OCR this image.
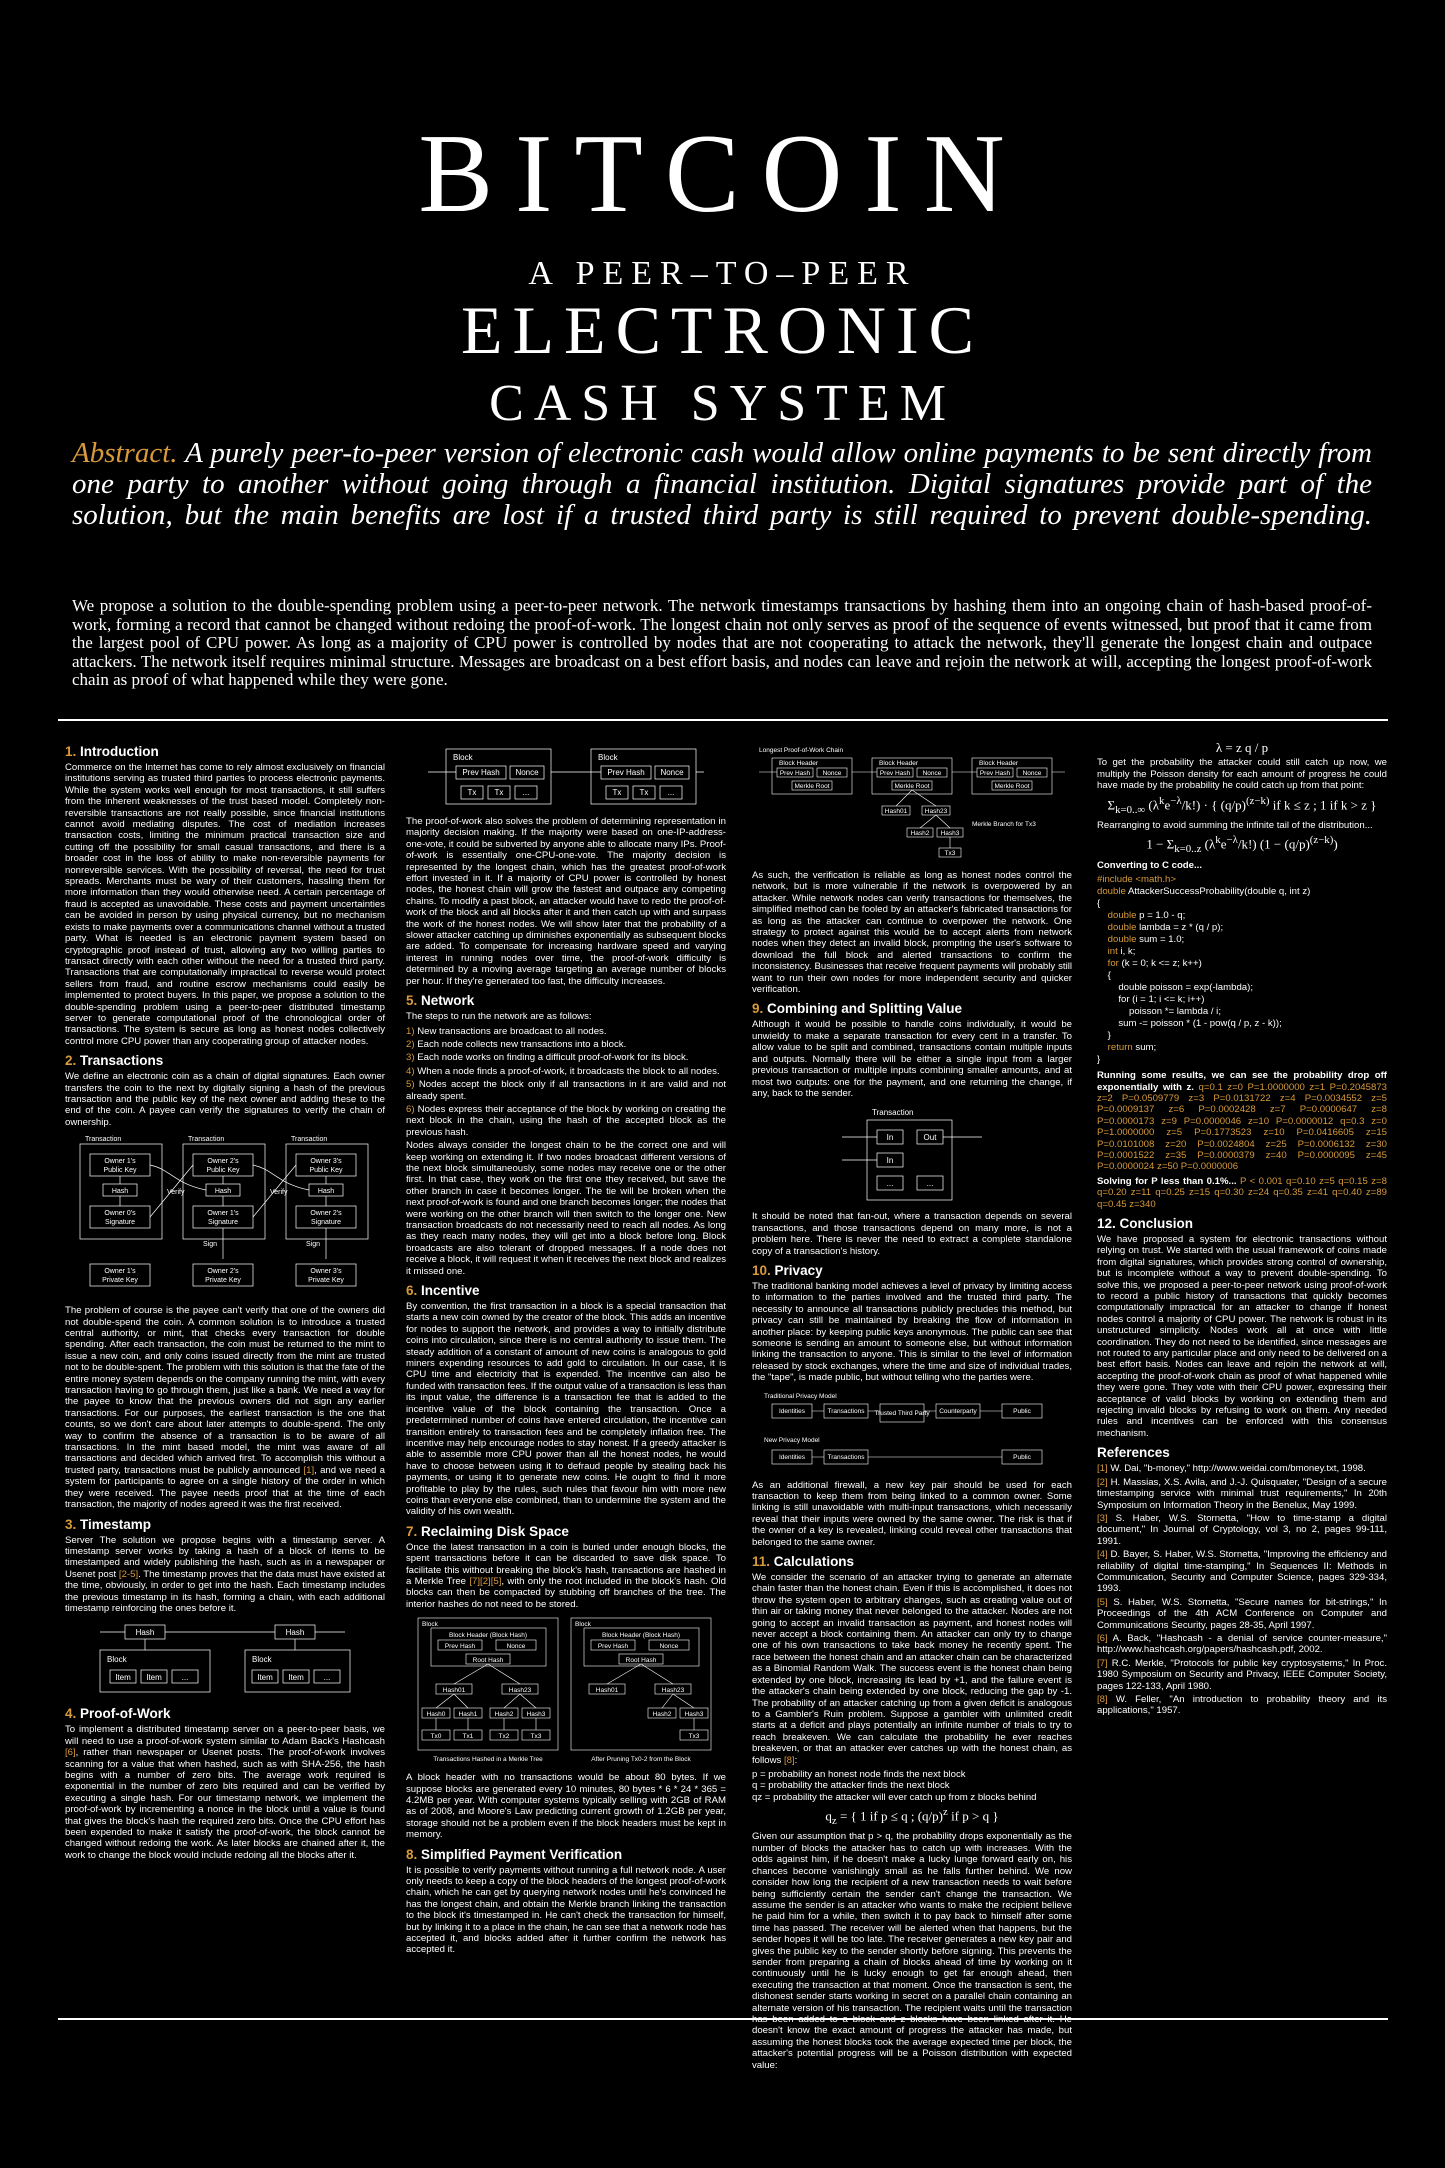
BITCOIN
A PEER–TO–PEER
ELECTRONIC
CASH SYSTEM
Abstract. A purely peer-to-peer version of electronic cash would allow online payments to be sent directly from one party to another without going through a financial institution. Digital signatures provide part of the solution, but the main benefits are lost if a trusted third party is still required to prevent double-spending.
We propose a solution to the double-spending problem using a peer-to-peer network. The network timestamps transactions by hashing them into an ongoing chain of hash-based proof-of-work, forming a record that cannot be changed without redoing the proof-of-work. The longest chain not only serves as proof of the sequence of events witnessed, but proof that it came from the largest pool of CPU power. As long as a majority of CPU power is controlled by nodes that are not cooperating to attack the network, they'll generate the longest chain and outpace attackers. The network itself requires minimal structure. Messages are broadcast on a best effort basis, and nodes can leave and rejoin the network at will, accepting the longest proof-of-work chain as proof of what happened while they were gone.
1. Introduction

Commerce on the Internet has come to rely almost exclusively on financial institutions serving as trusted third parties to process electronic payments. While the system works well enough for most transactions, it still suffers from the inherent weaknesses of the trust based model. Completely non-reversible transactions are not really possible, since financial institutions cannot avoid mediating disputes. The cost of mediation increases transaction costs, limiting the minimum practical transaction size and cutting off the possibility for small casual transactions, and there is a broader cost in the loss of ability to make non-reversible payments for nonreversible services. With the possibility of reversal, the need for trust spreads. Merchants must be wary of their customers, hassling them for more information than they would otherwise need. A certain percentage of fraud is accepted as unavoidable. These costs and payment uncertainties can be avoided in person by using physical currency, but no mechanism exists to make payments over a communications channel without a trusted party. What is needed is an electronic payment system based on cryptographic proof instead of trust, allowing any two willing parties to transact directly with each other without the need for a trusted third party. Transactions that are computationally impractical to reverse would protect sellers from fraud, and routine escrow mechanisms could easily be implemented to protect buyers. In this paper, we propose a solution to the double-spending problem using a peer-to-peer distributed timestamp server to generate computational proof of the chronological order of transactions. The system is secure as long as honest nodes collectively control more CPU power than any cooperating group of attacker nodes.

2. Transactions

We define an electronic coin as a chain of digital signatures. Each owner transfers the coin to the next by digitally signing a hash of the previous transaction and the public key of the next owner and adding these to the end of the coin. A payee can verify the signatures to verify the chain of ownership.

Transaction	Transaction	Transaction
Owner 1's
Public Key
Owner 2's
Public Key
Owner 3's
Public Key
Hash	Hash	Hash
Owner 0's
Signature
Owner 1's
Signature
Owner 2's
Signature
Verify	Verify
Sign	Sign
Owner 1's
Private Key
Owner 2's
Private Key
Owner 3's
Private Key

The problem of course is the payee can't verify that one of the owners did not double-spend the coin. A common solution is to introduce a trusted central authority, or mint, that checks every transaction for double spending. After each transaction, the coin must be returned to the mint to issue a new coin, and only coins issued directly from the mint are trusted not to be double-spent. The problem with this solution is that the fate of the entire money system depends on the company running the mint, with every transaction having to go through them, just like a bank. We need a way for the payee to know that the previous owners did not sign any earlier transactions. For our purposes, the earliest transaction is the one that counts, so we don't care about later attempts to double-spend. The only way to confirm the absence of a transaction is to be aware of all transactions. In the mint based model, the mint was aware of all transactions and decided which arrived first. To accomplish this without a trusted party, transactions must be publicly announced [1], and we need a system for participants to agree on a single history of the order in which they were received. The payee needs proof that at the time of each transaction, the majority of nodes agreed it was the first received.

3. Timestamp

Server The solution we propose begins with a timestamp server. A timestamp server works by taking a hash of a block of items to be timestamped and widely publishing the hash, such as in a newspaper or Usenet post [2-5]. The timestamp proves that the data must have existed at the time, obviously, in order to get into the hash. Each timestamp includes the previous timestamp in its hash, forming a chain, with each additional timestamp reinforcing the ones before it.

Hash	Hash
Block	Block
Item Item ...	Item Item ...
4. Proof-of-Work

To implement a distributed timestamp server on a peer-to-peer basis, we will need to use a proof-of-work system similar to Adam Back's Hashcash [6], rather than newspaper or Usenet posts. The proof-of-work involves scanning for a value that when hashed, such as with SHA-256, the hash begins with a number of zero bits. The average work required is exponential in the number of zero bits required and can be verified by executing a single hash. For our timestamp network, we implement the proof-of-work by incrementing a nonce in the block until a value is found that gives the block's hash the required zero bits. Once the CPU effort has been expended to make it satisfy the proof-of-work, the block cannot be changed without redoing the work. As later blocks are chained after it, the work to change the block would include redoing all the blocks after it.

Block	Block
Prev Hash Nonce	Prev Hash Nonce
Tx Tx ...	Tx Tx ...

The proof-of-work also solves the problem of determining representation in majority decision making. If the majority were based on one-IP-address-one-vote, it could be subverted by anyone able to allocate many IPs. Proof-of-work is essentially one-CPU-one-vote. The majority decision is represented by the longest chain, which has the greatest proof-of-work effort invested in it. If a majority of CPU power is controlled by honest nodes, the honest chain will grow the fastest and outpace any competing chains. To modify a past block, an attacker would have to redo the proof-of-work of the block and all blocks after it and then catch up with and surpass the work of the honest nodes. We will show later that the probability of a slower attacker catching up diminishes exponentially as subsequent blocks are added. To compensate for increasing hardware speed and varying interest in running nodes over time, the proof-of-work difficulty is determined by a moving average targeting an average number of blocks per hour. If they're generated too fast, the difficulty increases.

5. Network

The steps to run the network are as follows:

1) New transactions are broadcast to all nodes.

2) Each node collects new transactions into a block.

3) Each node works on finding a difficult proof-of-work for its block.

4) When a node finds a proof-of-work, it broadcasts the block to all nodes.

5) Nodes accept the block only if all transactions in it are valid and not already spent.

6) Nodes express their acceptance of the block by working on creating the next block in the chain, using the hash of the accepted block as the previous hash.

Nodes always consider the longest chain to be the correct one and will keep working on extending it. If two nodes broadcast different versions of the next block simultaneously, some nodes may receive one or the other first. In that case, they work on the first one they received, but save the other branch in case it becomes longer. The tie will be broken when the next proof-of-work is found and one branch becomes longer; the nodes that were working on the other branch will then switch to the longer one. New transaction broadcasts do not necessarily need to reach all nodes. As long as they reach many nodes, they will get into a block before long. Block broadcasts are also tolerant of dropped messages. If a node does not receive a block, it will request it when it receives the next block and realizes it missed one.

6. Incentive

By convention, the first transaction in a block is a special transaction that starts a new coin owned by the creator of the block. This adds an incentive for nodes to support the network, and provides a way to initially distribute coins into circulation, since there is no central authority to issue them. The steady addition of a constant of amount of new coins is analogous to gold miners expending resources to add gold to circulation. In our case, it is CPU time and electricity that is expended. The incentive can also be funded with transaction fees. If the output value of a transaction is less than its input value, the difference is a transaction fee that is added to the incentive value of the block containing the transaction. Once a predetermined number of coins have entered circulation, the incentive can transition entirely to transaction fees and be completely inflation free. The incentive may help encourage nodes to stay honest. If a greedy attacker is able to assemble more CPU power than all the honest nodes, he would have to choose between using it to defraud people by stealing back his payments, or using it to generate new coins. He ought to find it more profitable to play by the rules, such rules that favour him with more new coins than everyone else combined, than to undermine the system and the validity of his own wealth.

7. Reclaiming Disk Space

Once the latest transaction in a coin is buried under enough blocks, the spent transactions before it can be discarded to save disk space. To facilitate this without breaking the block's hash, transactions are hashed in a Merkle Tree [7][2][5], with only the root included in the block's hash. Old blocks can then be compacted by stubbing off branches of the tree. The interior hashes do not need to be stored.

Block	Block
Block Header (Block Hash)	Block Header (Block Hash)
Prev Hash	Nonce	Prev Hash	Nonce
Root Hash	Root Hash
Hash01	Hash23	Hash01	Hash23
Hash0 Hash1	Hash2 Hash3	Hash2 Hash3
Tx0	Tx1	Tx2	Tx3	Tx3
Transactions Hashed in a Merkle Tree	After Pruning Tx0-2 from the Block

A block header with no transactions would be about 80 bytes. If we suppose blocks are generated every 10 minutes, 80 bytes * 6 * 24 * 365 = 4.2MB per year. With computer systems typically selling with 2GB of RAM as of 2008, and Moore's Law predicting current growth of 1.2GB per year, storage should not be a problem even if the block headers must be kept in memory.

8. Simplified Payment Verification

It is possible to verify payments without running a full network node. A user only needs to keep a copy of the block headers of the longest proof-of-work chain, which he can get by querying network nodes until he's convinced he has the longest chain, and obtain the Merkle branch linking the transaction to the block it's timestamped in. He can't check the transaction for himself, but by linking it to a place in the chain, he can see that a network node has accepted it, and blocks added after it further confirm the network has accepted it.

Longest Proof-of-Work Chain
Block Header	Block Header	Block Header
Prev Hash Nonce	Prev Hash Nonce	Prev Hash Nonce
Merkle Root	Merkle Root	Merkle Root
Hash01	Hash23
Hash2 Hash3
Tx3
Merkle Branch for Tx3

As such, the verification is reliable as long as honest nodes control the network, but is more vulnerable if the network is overpowered by an attacker. While network nodes can verify transactions for themselves, the simplified method can be fooled by an attacker's fabricated transactions for as long as the attacker can continue to overpower the network. One strategy to protect against this would be to accept alerts from network nodes when they detect an invalid block, prompting the user's software to download the full block and alerted transactions to confirm the inconsistency. Businesses that receive frequent payments will probably still want to run their own nodes for more independent security and quicker verification.

9. Combining and Splitting Value

Although it would be possible to handle coins individually, it would be unwieldy to make a separate transaction for every cent in a transfer. To allow value to be split and combined, transactions contain multiple inputs and outputs. Normally there will be either a single input from a larger previous transaction or multiple inputs combining smaller amounts, and at most two outputs: one for the payment, and one returning the change, if any, back to the sender.

Transaction
In
In
...
Out
...

It should be noted that fan-out, where a transaction depends on several transactions, and those transactions depend on many more, is not a problem here. There is never the need to extract a complete standalone copy of a transaction's history.

10. Privacy

The traditional banking model achieves a level of privacy by limiting access to information to the parties involved and the trusted third party. The necessity to announce all transactions publicly precludes this method, but privacy can still be maintained by breaking the flow of information in another place: by keeping public keys anonymous. The public can see that someone is sending an amount to someone else, but without information linking the transaction to anyone. This is similar to the level of information released by stock exchanges, where the time and size of individual trades, the "tape", is made public, but without telling who the parties were.

Traditional Privacy Model
New Privacy Model
Identities	Transactions Trusted Third Party Counterparty	Public
Identities	Transactions	Public

As an additional firewall, a new key pair should be used for each transaction to keep them from being linked to a common owner. Some linking is still unavoidable with multi-input transactions, which necessarily reveal that their inputs were owned by the same owner. The risk is that if the owner of a key is revealed, linking could reveal other transactions that belonged to the same owner.

11. Calculations

We consider the scenario of an attacker trying to generate an alternate chain faster than the honest chain. Even if this is accomplished, it does not throw the system open to arbitrary changes, such as creating value out of thin air or taking money that never belonged to the attacker. Nodes are not going to accept an invalid transaction as payment, and honest nodes will never accept a block containing them. An attacker can only try to change one of his own transactions to take back money he recently spent. The race between the honest chain and an attacker chain can be characterized as a Binomial Random Walk. The success event is the honest chain being extended by one block, increasing its lead by +1, and the failure event is the attacker's chain being extended by one block, reducing the gap by -1. The probability of an attacker catching up from a given deficit is analogous to a Gambler's Ruin problem. Suppose a gambler with unlimited credit starts at a deficit and plays potentially an infinite number of trials to try to reach breakeven. We can calculate the probability he ever reaches breakeven, or that an attacker ever catches up with the honest chain, as follows [8]:

p = probability an honest node finds the next block

q = probability the attacker finds the next block

qz = probability the attacker will ever catch up from z blocks behind

$q_z$ = { 1 if p ≤ q ; $(q/p)^z$ if p > q }

Given our assumption that p > q, the probability drops exponentially as the number of blocks the attacker has to catch up with increases. With the odds against him, if he doesn't make a lucky lunge forward early on, his chances become vanishingly small as he falls further behind. We now consider how long the recipient of a new transaction needs to wait before being sufficiently certain the sender can't change the transaction. We assume the sender is an attacker who wants to make the recipient believe he paid him for a while, then switch it to pay back to himself after some time has passed. The receiver will be alerted when that happens, but the sender hopes it will be too late. The receiver generates a new key pair and gives the public key to the sender shortly before signing. This prevents the sender from preparing a chain of blocks ahead of time by working on it continuously until he is lucky enough to get far enough ahead, then executing the transaction at that moment. Once the transaction is sent, the dishonest sender starts working in secret on a parallel chain containing an alternate version of his transaction. The recipient waits until the transaction doesn't know the exact amount of progress the attacker has made, but assuming the honest blocks took the average expected time per block, the attacker's potential progress will be a Poisson distribution with expected value:

λ = z q / p

To get the probability the attacker could still catch up now, we multiply the Poisson density for each amount of progress he could have made by the probability he could catch up from that point:

$\Sigma_{k=0..\infty}$ $(\lambda^ke^{-\lambda}/k!)$ · { $(q/p)^{(z-k)}$ if k ≤ z ; 1 if k > z }

Rearranging to avoid summing the infinite tail of the distribution...

$1 - \Sigma_{k=0..z}$ $(\lambda^ke^{-\lambda}/k!) (1 - (q/p)^{(z-k)})$

Converting to C code...

#include <math.h>
double AttackerSuccessProbability(double q, int z)
{
double p = 1.0 - q;
double lambda = z * (q / p);
double sum = 1.0;
int i, k;
for (k = 0; k <= z; k++)
{
double poisson = exp(-lambda);
for (i = 1; i <= k; i++)
poisson *= lambda / i;
sum -= poisson * (1 - pow(q / p, z - k));
}
return sum;
}

Running some results, we can see the probability drop off exponentially with z. q=0.1 z=0 P=1.0000000 z=1 P=0.2045873 z=2 P=0.0509779 z=3 P=0.0131722 z=4 P=0.0034552 z=5 P=0.0009137 z=6 P=0.0002428 z=7 P=0.0000647 z=8 P=0.0000173 z=9 P=0.0000046 z=10 P=0.0000012 q=0.3 z=0 P=1.0000000 z=5 P=0.1773523 z=10 P=0.0416605 z=15 P=0.0101008 z=20 P=0.0024804 z=25 P=0.0006132 z=30 P=0.0001522 z=35 P=0.0000379 z=40 P=0.0000095 z=45 P=0.0000024 z=50 P=0.0000006

Solving for P less than 0.1%... P < 0.001 q=0.10 z=5 q=0.15 z=8 q=0.20 z=11 q=0.25 z=15 q=0.30 z=24 q=0.35 z=41 q=0.40 z=89 q=0.45 z=340

12. Conclusion

We have proposed a system for electronic transactions without relying on trust. We started with the usual framework of coins made from digital signatures, which provides strong control of ownership, but is incomplete without a way to prevent double-spending. To solve this, we proposed a peer-to-peer network using proof-of-work to record a public history of transactions that quickly becomes computationally impractical for an attacker to change if honest nodes control a majority of CPU power. The network is robust in its unstructured simplicity. Nodes work all at once with little coordination. They do not need to be identified, since messages are not routed to any particular place and only need to be delivered on a best effort basis. Nodes can leave and rejoin the network at will, accepting the proof-of-work chain as proof of what happened while they were gone. They vote with their CPU power, expressing their acceptance of valid blocks by working on extending them and rejecting invalid blocks by refusing to work on them. Any needed rules and incentives can be enforced with this consensus mechanism.

References

[1] W. Dai, "b-money," http://www.weidai.com/bmoney.txt, 1998.

[2] H. Massias, X.S. Avila, and J.-J. Quisquater, "Design of a secure timestamping service with minimal trust requirements," In 20th Symposium on Information Theory in the Benelux, May 1999.

[3] S. Haber, W.S. Stornetta, "How to time-stamp a digital document," In Journal of Cryptology, vol 3, no 2, pages 99-111, 1991.

[4] D. Bayer, S. Haber, W.S. Stornetta, "Improving the efficiency and reliability of digital time-stamping," In Sequences II: Methods in Communication, Security and Computer Science, pages 329-334, 1993.

[5] S. Haber, W.S. Stornetta, "Secure names for bit-strings," In Proceedings of the 4th ACM Conference on Computer and Communications Security, pages 28-35, April 1997.

[6] A. Back, "Hashcash - a denial of service counter-measure," http://www.hashcash.org/papers/hashcash.pdf, 2002.

[7] R.C. Merkle, "Protocols for public key cryptosystems," In Proc. 1980 Symposium on Security and Privacy, IEEE Computer Society, pages 122-133, April 1980.

[8] W. Feller, "An introduction to probability theory and its applications," 1957.
